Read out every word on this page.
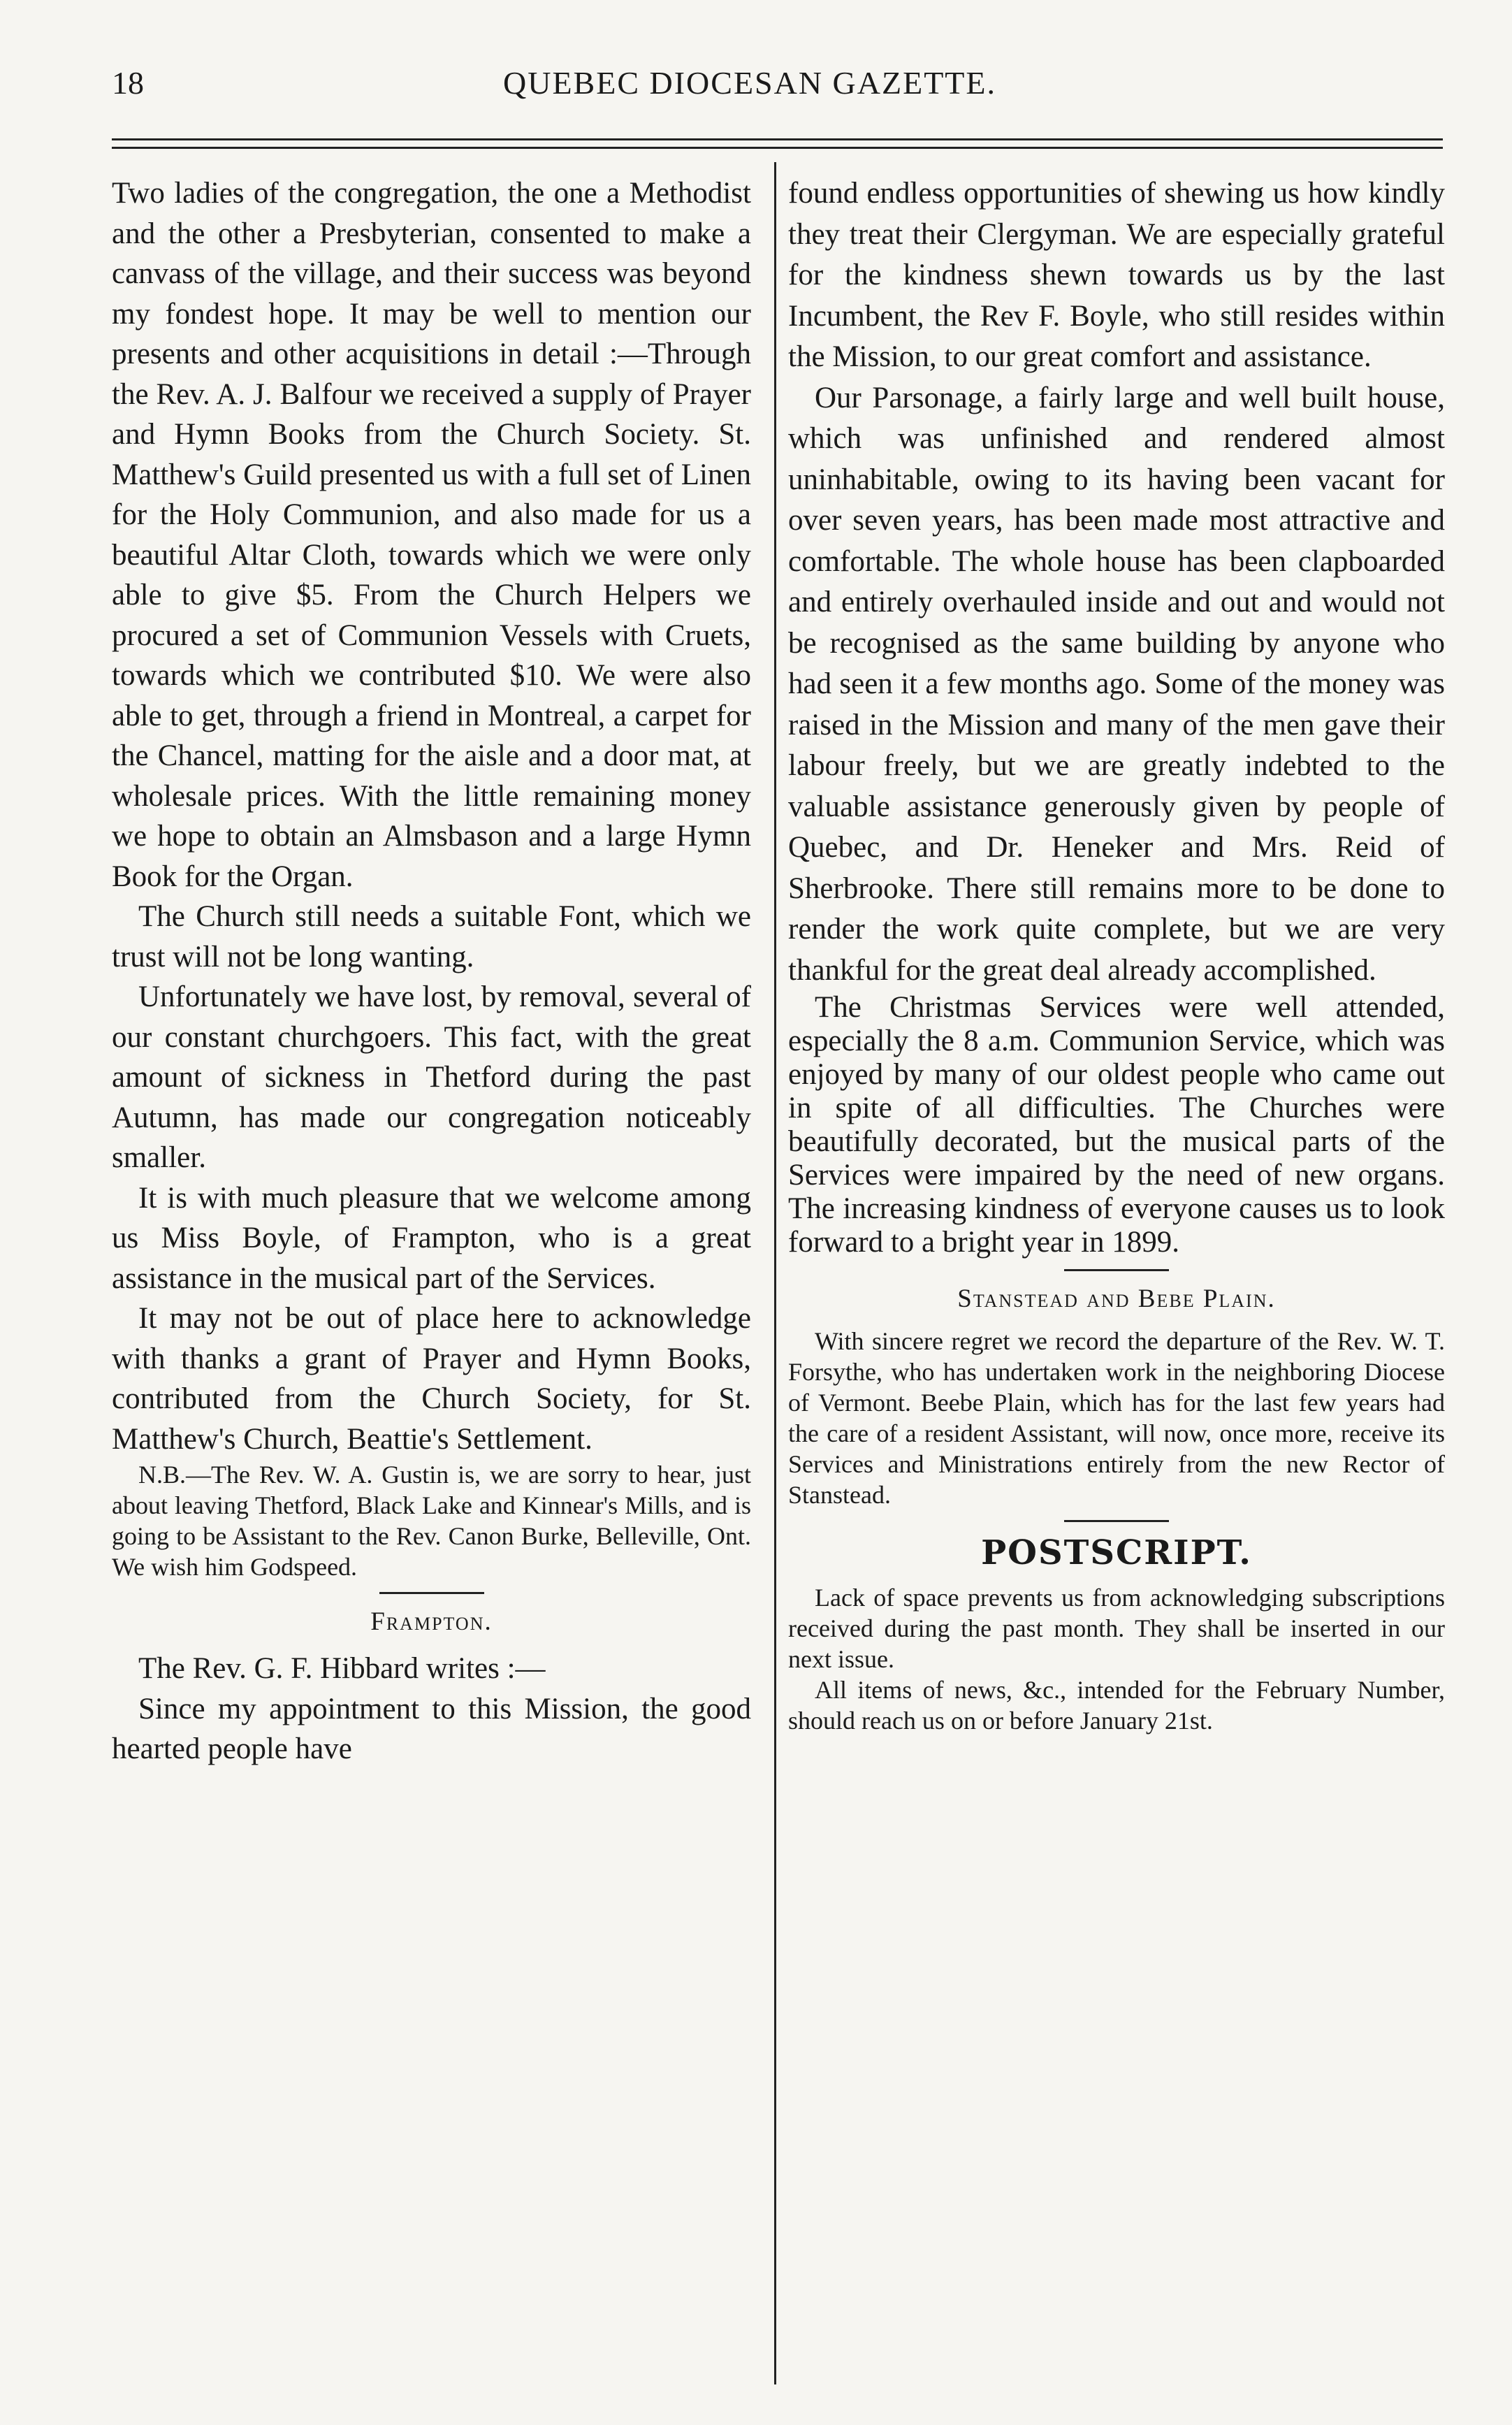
18	QUEBEC DIOCESAN GAZETTE.

Two ladies of the congregation, the one a Methodist and the other a Presbyterian, consented to make a canvass of the village, and their success was beyond my fondest hope. It may be well to mention our presents and other acquisitions in detail :—Through the Rev. A. J. Balfour we received a supply of Prayer and Hymn Books from the Church Society. St. Matthew's Guild presented us with a full set of Linen for the Holy Communion, and also made for us a beautiful Altar Cloth, towards which we were only able to give $5. From the Church Helpers we procured a set of Communion Vessels with Cruets, towards which we contributed $10. We were also able to get, through a friend in Montreal, a carpet for the Chancel, matting for the aisle and a door mat, at wholesale prices. With the little remaining money we hope to obtain an Almsbason and a large Hymn Book for the Organ.

The Church still needs a suitable Font, which we trust will not be long wanting.

Unfortunately we have lost, by removal, several of our constant churchgoers. This fact, with the great amount of sickness in Thetford during the past Autumn, has made our congregation noticeably smaller.

It is with much pleasure that we welcome among us Miss Boyle, of Frampton, who is a great assistance in the musical part of the Services.

It may not be out of place here to acknowledge with thanks a grant of Prayer and Hymn Books, contributed from the Church Society, for St. Matthew's Church, Beattie's Settlement.

N.B.—The Rev. W. A. Gustin is, we are sorry to hear, just about leaving Thetford, Black Lake and Kinnear's Mills, and is going to be Assistant to the Rev. Canon Burke, Belleville, Ont. We wish him Godspeed.

Frampton.

The Rev. G. F. Hibbard writes :—

Since my appointment to this Mission, the good hearted people have

found endless opportunities of shewing us how kindly they treat their Clergyman. We are especially grateful for the kindness shewn towards us by the last Incumbent, the Rev F. Boyle, who still resides within the Mission, to our great comfort and assistance.

Our Parsonage, a fairly large and well built house, which was unfinished and rendered almost uninhabitable, owing to its having been vacant for over seven years, has been made most attractive and comfortable. The whole house has been clapboarded and entirely overhauled inside and out and would not be recognised as the same building by anyone who had seen it a few months ago. Some of the money was raised in the Mission and many of the men gave their labour freely, but we are greatly indebted to the valuable assistance generously given by people of Quebec, and Dr. Heneker and Mrs. Reid of Sherbrooke. There still remains more to be done to render the work quite complete, but we are very thankful for the great deal already accomplished.

The Christmas Services were well attended, especially the 8 a.m. Communion Service, which was enjoyed by many of our oldest people who came out in spite of all difficulties. The Churches were beautifully decorated, but the musical parts of the Services were impaired by the need of new organs. The increasing kindness of everyone causes us to look forward to a bright year in 1899.

Stanstead and Bebe Plain.

With sincere regret we record the departure of the Rev. W. T. Forsythe, who has undertaken work in the neighboring Diocese of Vermont. Beebe Plain, which has for the last few years had the care of a resident Assistant, will now, once more, receive its Services and Ministrations entirely from the new Rector of Stanstead.

POSTSCRIPT.

Lack of space prevents us from acknowledging subscriptions received during the past month. They shall be inserted in our next issue.

All items of news, &c., intended for the February Number, should reach us on or before January 21st.
